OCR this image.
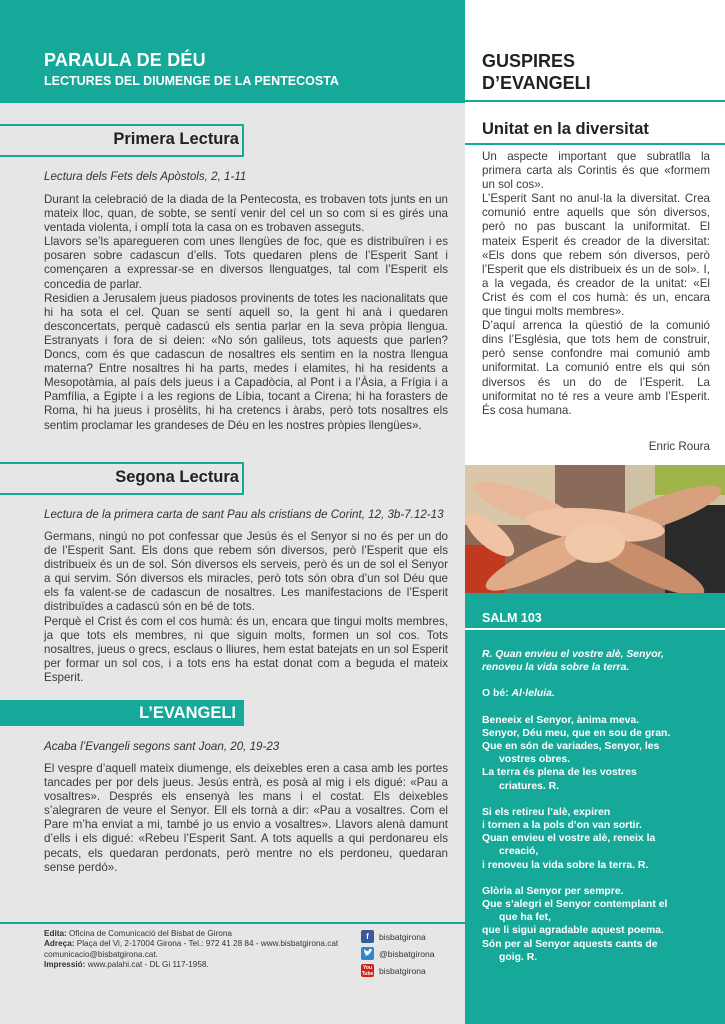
PARAULA DE DÉU
LECTURES DEL DIUMENGE DE LA PENTECOSTA
Primera Lectura
Lectura dels Fets dels Apòstols, 2, 1-11

Durant la celebració de la diada de la Pentecosta, es trobaven tots junts en un mateix lloc, quan, de sobte, se sentí venir del cel un so com si es girés una ventada violenta, i omplí tota la casa on es trobaven asseguts.

Llavors se’ls aparegueren com unes llengües de foc, que es distribuïren i es posaren sobre cadascun d’ells. Tots quedaren plens de l’Esperit Sant i començaren a expressar-se en diversos llenguatges, tal com l’Esperit els concedia de parlar.

Residien a Jerusalem jueus piadosos provinents de totes les nacionalitats que hi ha sota el cel. Quan se sentí aquell so, la gent hi anà i quedaren desconcertats, perquè cadascú els sentia parlar en la seva pròpia llengua. Estranyats i fora de si deien: «No són galileus, tots aquests que parlen? Doncs, com és que cadascun de nosaltres els sentim en la nostra llengua materna? Entre nosaltres hi ha parts, medes i elamites, hi ha residents a Mesopotàmia, al país dels jueus i a Capadòcia, al Pont i a l’Àsia, a Frígia i a Pamfília, a Egipte i a les regions de Líbia, tocant a Cirena; hi ha forasters de Roma, hi ha jueus i prosèlits, hi ha cretencs i àrabs, però tots nosaltres els sentim proclamar les grandeses de Déu en les nostres pròpies llengües».

Segona Lectura
Lectura de la primera carta de sant Pau als cristians de Corint, 12, 3b-7.12-13

Germans, ningú no pot confessar que Jesús és el Senyor si no és per un do de l’Esperit Sant. Els dons que rebem són diversos, però l’Esperit que els distribueix és un de sol. Són diversos els serveis, però és un de sol el Senyor a qui servim. Són diversos els miracles, però tots són obra d’un sol Déu que els fa valent-se de cadascun de nosaltres. Les manifestacions de l’Esperit distribuïdes a cadascú són en bé de tots.

Perquè el Crist és com el cos humà: és un, encara que tingui molts membres, ja que tots els membres, ni que siguin molts, formen un sol cos. Tots nosaltres, jueus o grecs, esclaus o lliures, hem estat batejats en un sol Esperit per formar un sol cos, i a tots ens ha estat donat com a beguda el mateix Esperit.

L’EVANGELI
Acaba l’Evangeli segons sant Joan, 20, 19-23

El vespre d’aquell mateix diumenge, els deixebles eren a casa amb les portes tancades per por dels jueus. Jesús entrà, es posà al mig i els digué: «Pau a vosaltres». Després els ensenyà les mans i el costat. Els deixebles s’alegraren de veure el Senyor. Ell els tornà a dir: «Pau a vosaltres. Com el Pare m’ha enviat a mi, també jo us envio a vosaltres». Llavors alenà damunt d’ells i els digué: «Rebeu l’Esperit Sant. A tots aquells a qui perdonareu els pecats, els quedaran perdonats, però mentre no els perdoneu, quedaran sense perdó».

Edita: Oficina de Comunicació del Bisbat de Girona
Adreça: Plaça del Vi, 2-17004 Girona - Tel.: 972 41 28 84 - www.bisbatgirona.cat
comunicacio@bisbatgirona.cat.
Impressió: www.palahi.cat - DL Gi 117-1958.
f	bisbatgirona
@bisbatgirona
You Tube bisbatgirona
GUSPIRES
D’EVANGELI
Unitat en la diversitat

Un aspecte important que subratlla la primera carta als Corintis és que «formem un sol cos».

L’Esperit Sant no anul·la la diversitat. Crea comunió entre aquells que són diversos, però no pas buscant la uniformitat. El mateix Esperit és creador de la diversitat: «Els dons que rebem són diversos, però l’Esperit que els distribueix és un de sol». I, a la vegada, és creador de la unitat: «El Crist és com el cos humà: és un, encara que tingui molts membres».

D’aquí arrenca la qüestió de la comunió dins l’Església, que tots hem de construir, però sense confondre mai comunió amb uniformitat. La comunió entre els qui són diversos és un do de l’Esperit. La uniformitat no té res a veure amb l’Esperit. És cosa humana.

Enric Roura
SALM 103
R. Quan envieu el vostre alè, Senyor,
renoveu la vida sobre la terra.
O bé: Al·leluia.
Beneeix el Senyor, ànima meva.
Senyor, Déu meu, que en sou de gran.
Que en són de variades, Senyor, les
vostres obres.
La terra és plena de les vostres
criatures. R.
Si els retireu l’alè, expiren
i tornen a la pols d’on van sortir.
Quan envieu el vostre alè, reneix la
creació,
i renoveu la vida sobre la terra. R.
Glòria al Senyor per sempre.
Que s’alegri el Senyor contemplant el
que ha fet,
que li sigui agradable aquest poema.
Són per al Senyor aquests cants de
goig. R.
